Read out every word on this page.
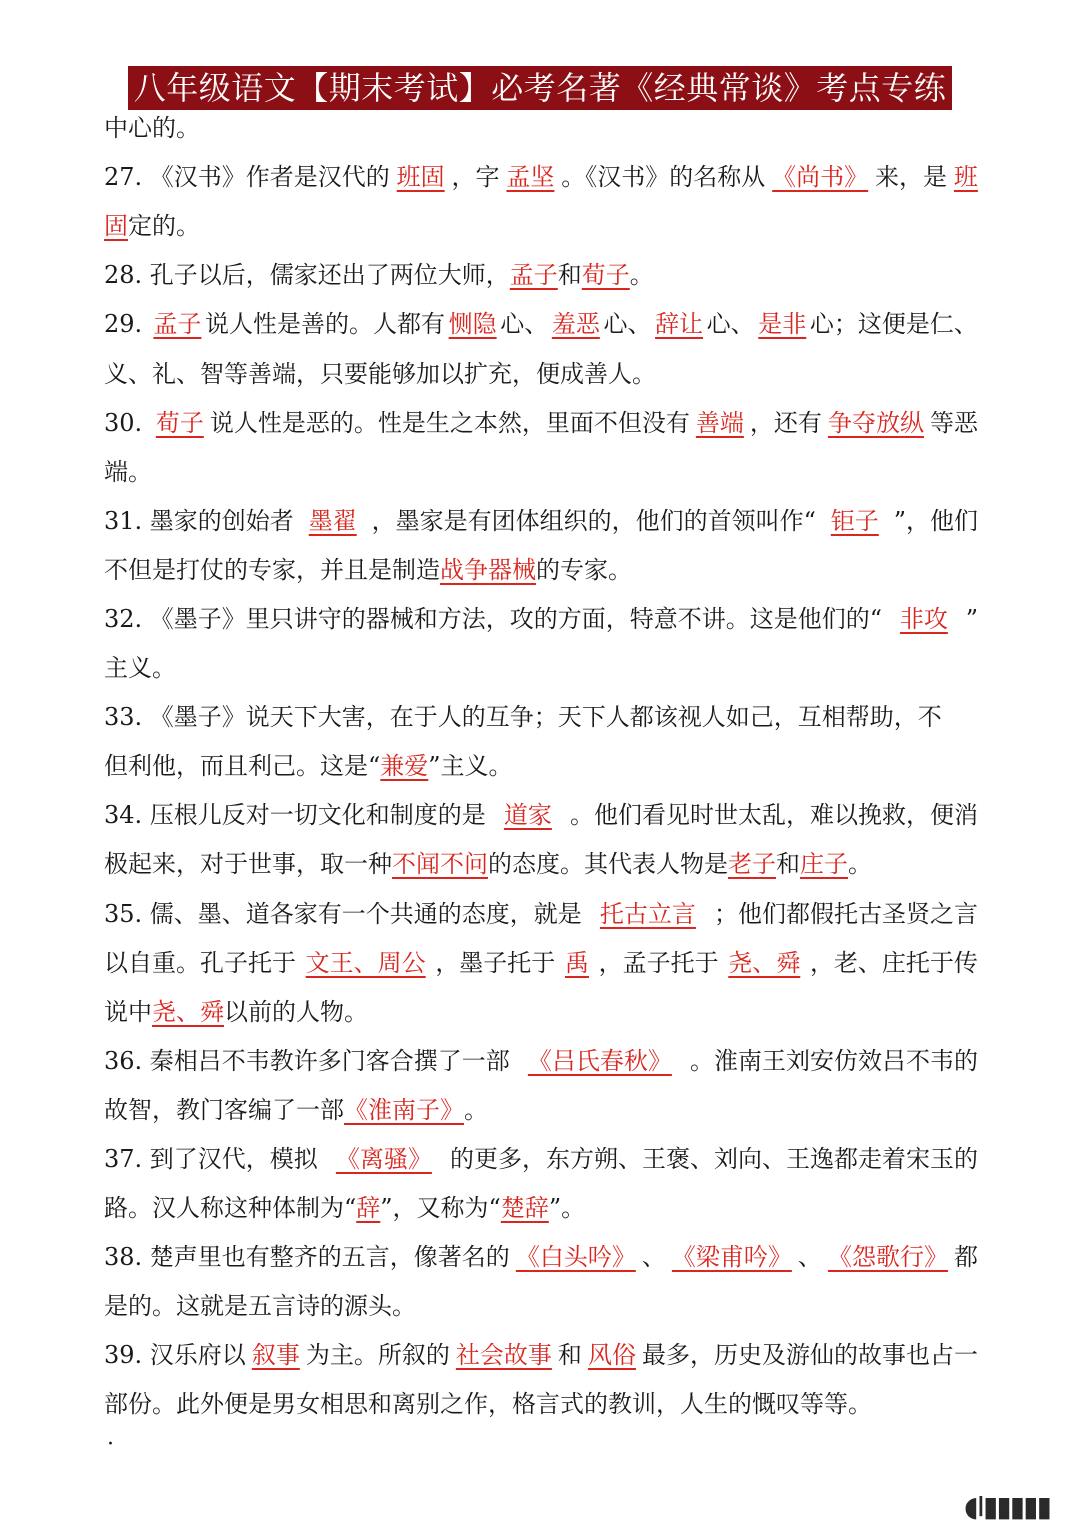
八年级语文【期末考试】必考名著《经典常谈》考点专练
中心的。
27. 《汉书》作者是汉代的 班固 ，字 孟坚 。《汉书》的名称从 《尚书》 来，是 班
固 定的。
28. 孔子以后，儒家还出了两位大师， 孟子 和 荀子 。
29. 孟子 说人性是善的。人都有 恻隐 心、 羞恶 心、 辞让 心、 是非 心；这便是仁、
义、礼、智等善端，只要能够加以扩充，便成善人。
30. 荀子 说人性是恶的。性是生之本然，里面不但没有 善端 ，还有 争夺放纵 等恶
端。
31. 墨家的创始者 墨翟 ，墨家是有团体组织的，他们的首领叫作“ 钜子 ”，他们
不但是打仗的专家，并且是制造 战争器械 的专家。
32. 《墨子》里只讲守的器械和方法，攻的方面，特意不讲。这是他们的“ 非攻 ”
主义。
33. 《墨子》说天下大害，在于人的互争；天下人都该视人如己，互相帮助，不
但利他，而且利己。这是“ 兼爱 ”主义。
34. 压根儿反对一切文化和制度的是 道家 。他们看见时世太乱，难以挽救，便消
极起来，对于世事，取一种 不闻不问 的态度。其代表人物是 老子 和 庄子 。
35. 儒、墨、道各家有一个共通的态度，就是 托古立言 ；他们都假托古圣贤之言
以自重。孔子托于 文王、周公 ，墨子托于 禹 ，孟子托于 尧、舜 ，老、庄托于传
说中 尧、舜 以前的人物。
36. 秦相吕不韦教许多门客合撰了一部 《吕氏春秋》 。淮南王刘安仿效吕不韦的
故智，教门客编了一部 《淮南子》 。
37. 到了汉代，模拟 《离骚》 的更多，东方朔、王褒、刘向、王逸都走着宋玉的
路。汉人称这种体制为“ 辞 ”，又称为“ 楚辞 ”。
38. 楚声里也有整齐的五言，像著名的 《白头吟》 、 《梁甫吟》 、 《怨歌行》 都
是的。这就是五言诗的源头。
39. 汉乐府以 叙事 为主。所叙的 社会故事 和 风俗 最多，历史及游仙的故事也占一
部份。此外便是男女相思和离别之作，格言式的教训，人生的慨叹等等。
·
◖Ⅰ▮▮▮▮▮
